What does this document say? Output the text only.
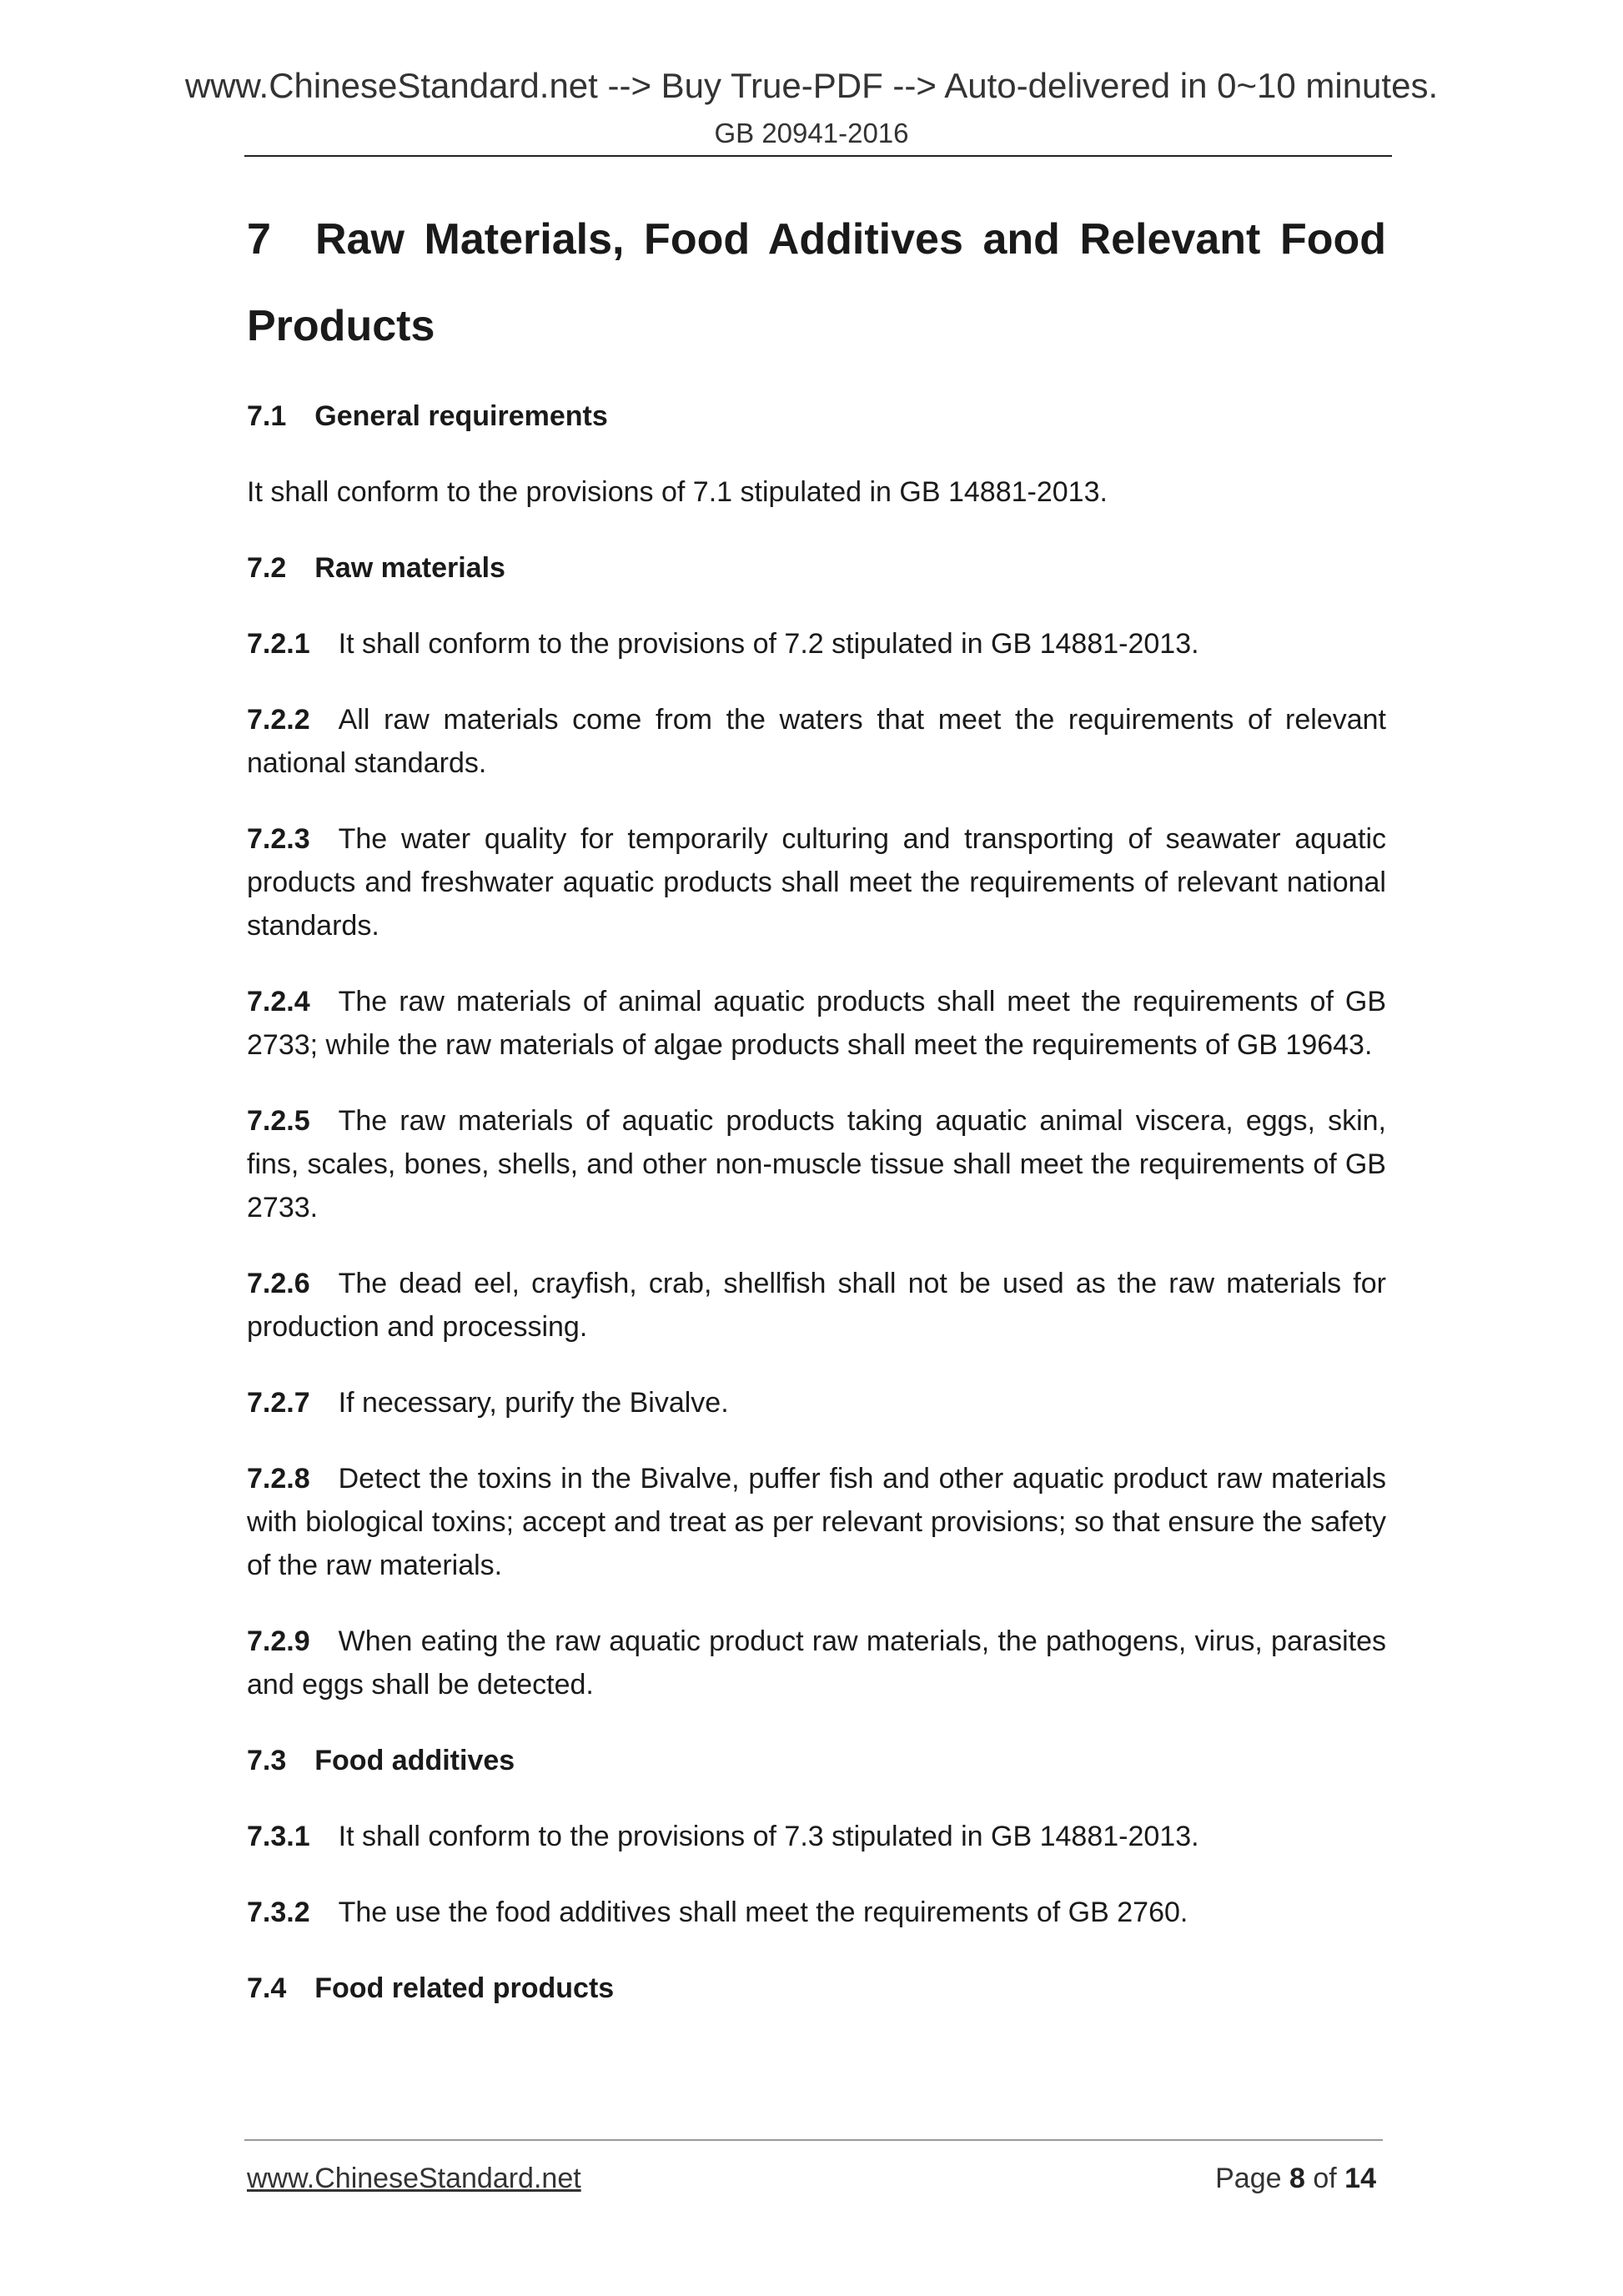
www.ChineseStandard.net --> Buy True-PDF --> Auto-delivered in 0~10 minutes.
GB 20941-2016
7 Raw Materials, Food Additives and Relevant Food Products
7.1 General requirements
It shall conform to the provisions of 7.1 stipulated in GB 14881-2013.
7.2 Raw materials
7.2.1 It shall conform to the provisions of 7.2 stipulated in GB 14881-2013.
7.2.2 All raw materials come from the waters that meet the requirements of relevant national standards.
7.2.3 The water quality for temporarily culturing and transporting of seawater aquatic products and freshwater aquatic products shall meet the requirements of relevant national standards.
7.2.4 The raw materials of animal aquatic products shall meet the requirements of GB 2733; while the raw materials of algae products shall meet the requirements of GB 19643.
7.2.5 The raw materials of aquatic products taking aquatic animal viscera, eggs, skin, fins, scales, bones, shells, and other non-muscle tissue shall meet the requirements of GB 2733.
7.2.6 The dead eel, crayfish, crab, shellfish shall not be used as the raw materials for production and processing.
7.2.7 If necessary, purify the Bivalve.
7.2.8 Detect the toxins in the Bivalve, puffer fish and other aquatic product raw materials with biological toxins; accept and treat as per relevant provisions; so that ensure the safety of the raw materials.
7.2.9 When eating the raw aquatic product raw materials, the pathogens, virus, parasites and eggs shall be detected.
7.3 Food additives
7.3.1 It shall conform to the provisions of 7.3 stipulated in GB 14881-2013.
7.3.2 The use the food additives shall meet the requirements of GB 2760.
7.4 Food related products
www.ChineseStandard.net	Page 8 of 14
